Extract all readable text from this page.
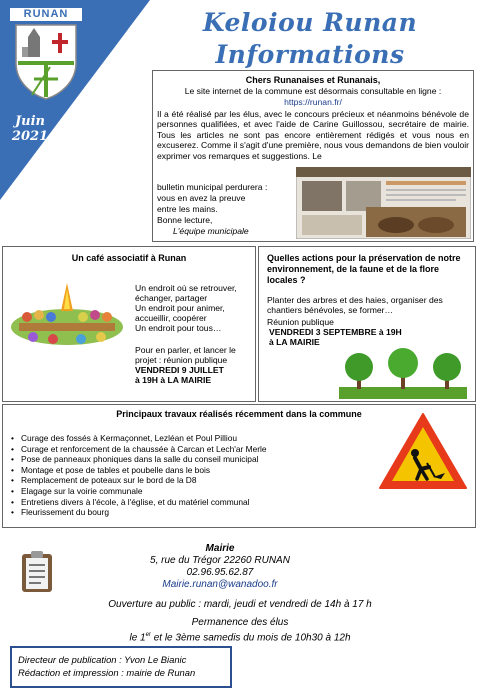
RUNAN
Juin
2021
Keloiou Runan
Informations
Chers Runanaises et Runanais,
Le site internet de la commune est désormais consultable en ligne :
https://runan.fr/
Il a été réalisé par les élus, avec le concours précieux et néanmoins bénévole de personnes qualifiées, et avec l'aide de Carine Guillossou, secrétaire de mairie. Tous les articles ne sont pas encore entièrement rédigés et vous nous en excuserez. Comme il s'agit d'une première, nous vous demandons de bien vouloir exprimer vos remarques et suggestions. Le
bulletin municipal perdurera :
vous en avez la preuve
entre les mains.
Bonne lecture,
L'équipe municipale
Un café associatif à Runan
Un endroit où se retrouver,
échanger, partager
Un endroit pour animer,
accueillir, coopérer
Un endroit pour tous…
Pour en parler, et lancer le
projet : réunion publique
VENDREDI 9 JUILLET
à 19H à LA MAIRIE
Quelles actions pour la préservation de notre environnement, de la faune et de la flore locales ?
Planter des arbres et des haies, organiser des chantiers bénévoles, se former…
Réunion publique
VENDREDI 3 SEPTEMBRE à 19H
à LA MAIRIE
Principaux travaux réalisés récemment dans la commune
• Curage des fossés à Kermaçonnet, Lezléan et Poul Pilliou
• Curage et renforcement de la chaussée à Carcan et Lech'ar Merle
• Pose de panneaux phoniques dans la salle du conseil municipal
• Montage et pose de tables et poubelle dans le bois
• Remplacement de poteaux sur le bord de la D8
• Elagage sur la voirie communale
• Entretiens divers à l'école, à l'église, et du matériel communal
• Fleurissement du bourg
Mairie
5, rue du Trégor 22260 RUNAN
02.96.95.62.87
Mairie.runan@wanadoo.fr
Ouverture au public : mardi, jeudi et vendredi de 14h à 17 h
Permanence des élus
le 1er et le 3ème samedis du mois de 10h30 à 12h
Directeur de publication : Yvon Le Bianic
Rédaction et impression : mairie de Runan
